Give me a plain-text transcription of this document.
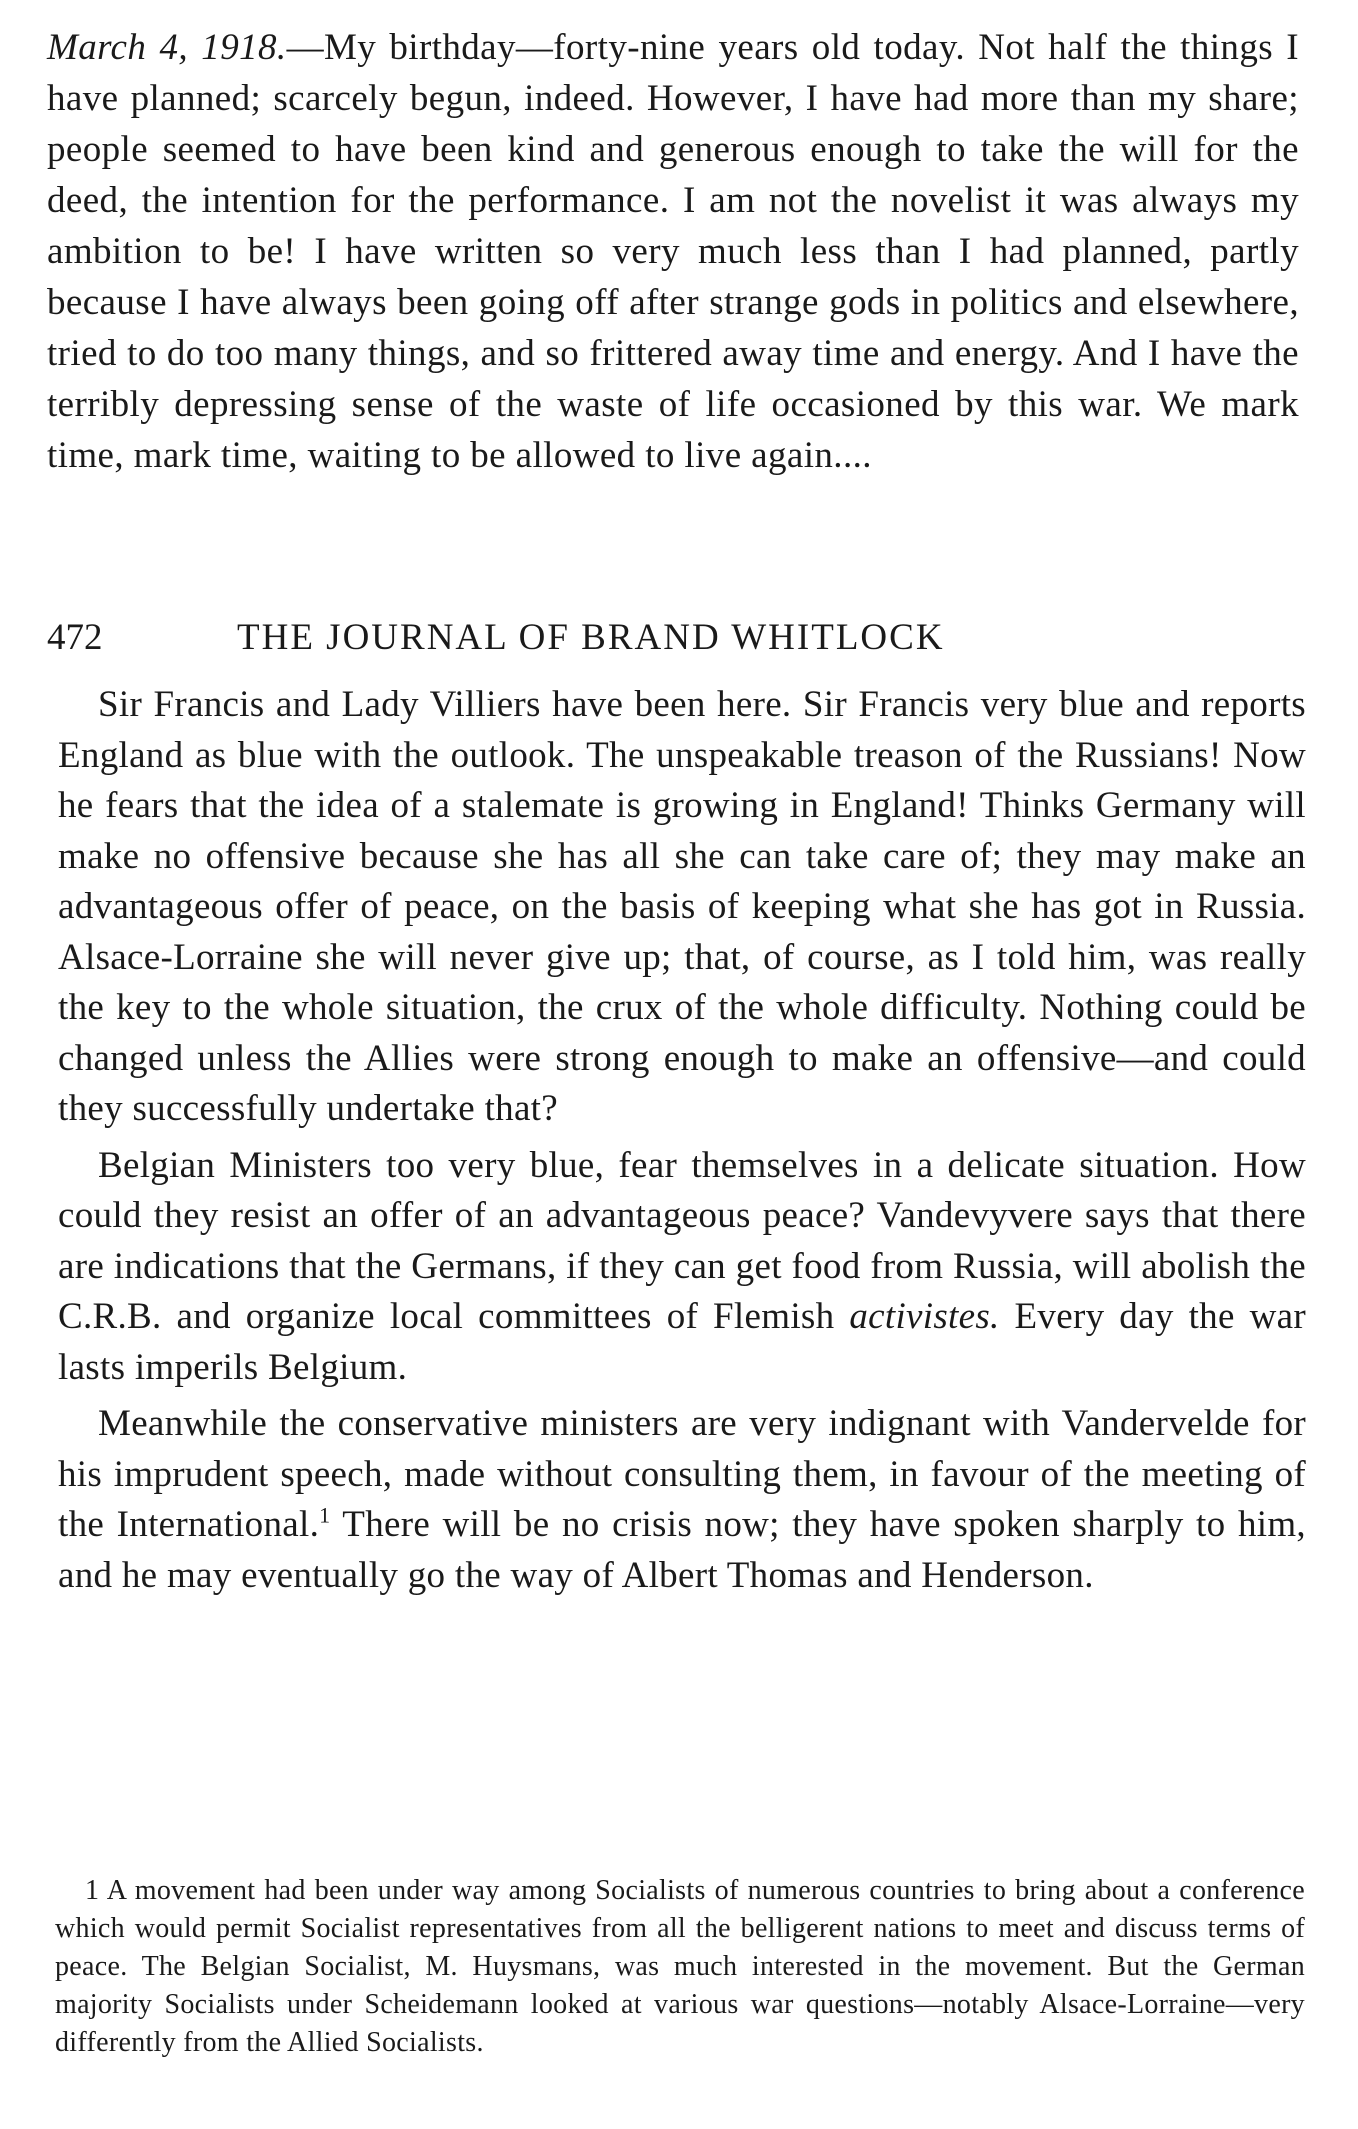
March 4, 1918.—My birthday—forty-nine years old today. Not half the things I have planned; scarcely begun, indeed. However, I have had more than my share; people seemed to have been kind and generous enough to take the will for the deed, the intention for the performance. I am not the novelist it was always my ambition to be! I have written so very much less than I had planned, partly because I have always been going off after strange gods in politics and elsewhere, tried to do too many things, and so frittered away time and energy. And I have the terribly depressing sense of the waste of life occasioned by this war. We mark time, mark time, waiting to be allowed to live again....

472	THE JOURNAL OF BRAND WHITLOCK

Sir Francis and Lady Villiers have been here. Sir Francis very blue and reports England as blue with the outlook. The unspeakable treason of the Russians! Now he fears that the idea of a stalemate is growing in England! Thinks Germany will make no offensive because she has all she can take care of; they may make an advantageous offer of peace, on the basis of keeping what she has got in Russia. Alsace-Lorraine she will never give up; that, of course, as I told him, was really the key to the whole situation, the crux of the whole difficulty. Nothing could be changed unless the Allies were strong enough to make an offensive—and could they successfully undertake that?

Belgian Ministers too very blue, fear themselves in a delicate situation. How could they resist an offer of an advantageous peace? Vandevyvere says that there are indications that the Germans, if they can get food from Russia, will abolish the C.R.B. and organize local committees of Flemish activistes. Every day the war lasts imperils Belgium.

Meanwhile the conservative ministers are very indignant with Vandervelde for his imprudent speech, made without consulting them, in favour of the meeting of the International.$^1$ There will be no crisis now; they have spoken sharply to him, and he may eventually go the way of Albert Thomas and Henderson.

1 A movement had been under way among Socialists of numerous countries to bring about a conference which would permit Socialist representatives from all the belligerent nations to meet and discuss terms of peace. The Belgian Socialist, M. Huysmans, was much interested in the movement. But the German majority Socialists under Scheidemann looked at various war questions—notably Alsace-Lorraine—very differently from the Allied Socialists.
